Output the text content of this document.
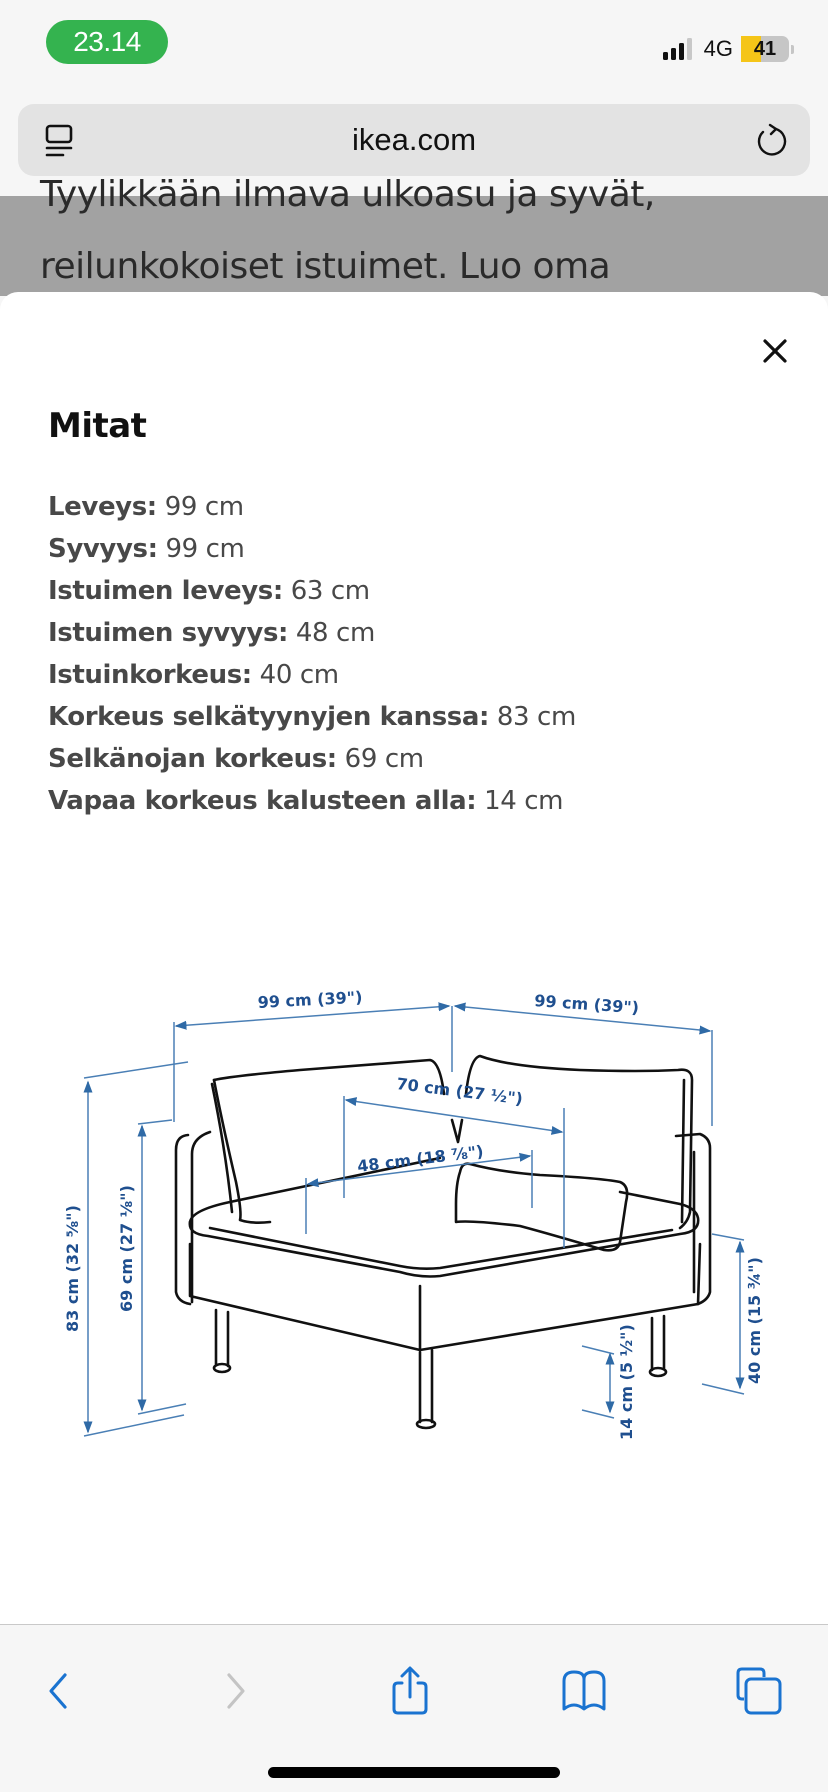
23.14	4G 41
ikea.com
Tyylikkään ilmava ulkoasu ja syvät,
reilunkokoiset istuimet. Luo oma
Mitat
Leveys: 99 cm
Syvyys: 99 cm
Istuimen leveys: 63 cm
Istuimen syvyys: 48 cm
Istuinkorkeus: 40 cm
Korkeus selkätyynyjen kanssa: 83 cm
Selkänojan korkeus: 69 cm
Vapaa korkeus kalusteen alla: 14 cm
99 cm (39")	99 cm (39")
70 cm (27 ½")
48 cm (18 ⅞")
83 cm (32 ⅝") 69 cm (27 ⅛")
40 cm (15 ¾")
14 cm (5 ½")
